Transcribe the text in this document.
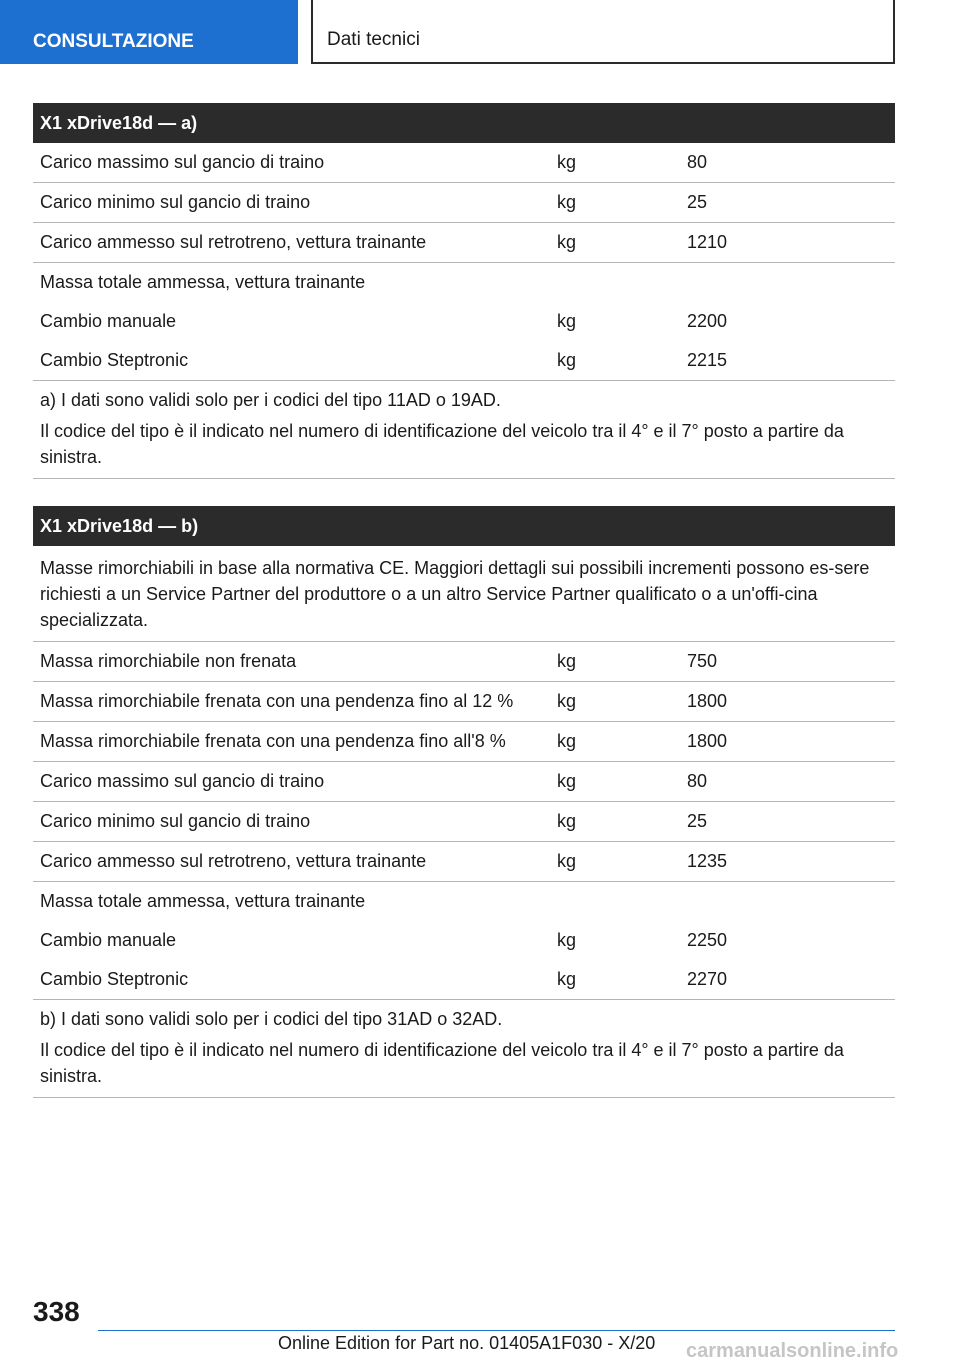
CONSULTAZIONE	Dati tecnici
X1 xDrive18d — a)		
Carico massimo sul gancio di traino	kg	80
Carico minimo sul gancio di traino	kg	25
Carico ammesso sul retrotreno, vettura trainante	kg	1210
Massa totale ammessa, vettura trainante		
Cambio manuale	kg	2200
Cambio Steptronic	kg	2215

a) I dati sono validi solo per i codici del tipo 11AD o 19AD.

Il codice del tipo è il indicato nel numero di identificazione del veicolo tra il 4° e il 7° posto a partire da sinistra.		

X1 xDrive18d — b)		
Masse rimorchiabili in base alla normativa CE. Maggiori dettagli sui possibili incrementi possono es-sere richiesti a un Service Partner del produttore o a un altro Service Partner qualificato o a un'offi-cina specializzata.		
Massa rimorchiabile non frenata	kg	750
Massa rimorchiabile frenata con una pendenza fino al 12 %	kg	1800
Massa rimorchiabile frenata con una pendenza fino all'8 %	kg	1800
Carico massimo sul gancio di traino	kg	80
Carico minimo sul gancio di traino	kg	25
Carico ammesso sul retrotreno, vettura trainante	kg	1235
Massa totale ammessa, vettura trainante		
Cambio manuale	kg	2250
Cambio Steptronic	kg	2270

b) I dati sono validi solo per i codici del tipo 31AD o 32AD.

Il codice del tipo è il indicato nel numero di identificazione del veicolo tra il 4° e il 7° posto a partire da sinistra.		

338
Online Edition for Part no. 01405A1F030 - X/20 carmanualsonline.info
